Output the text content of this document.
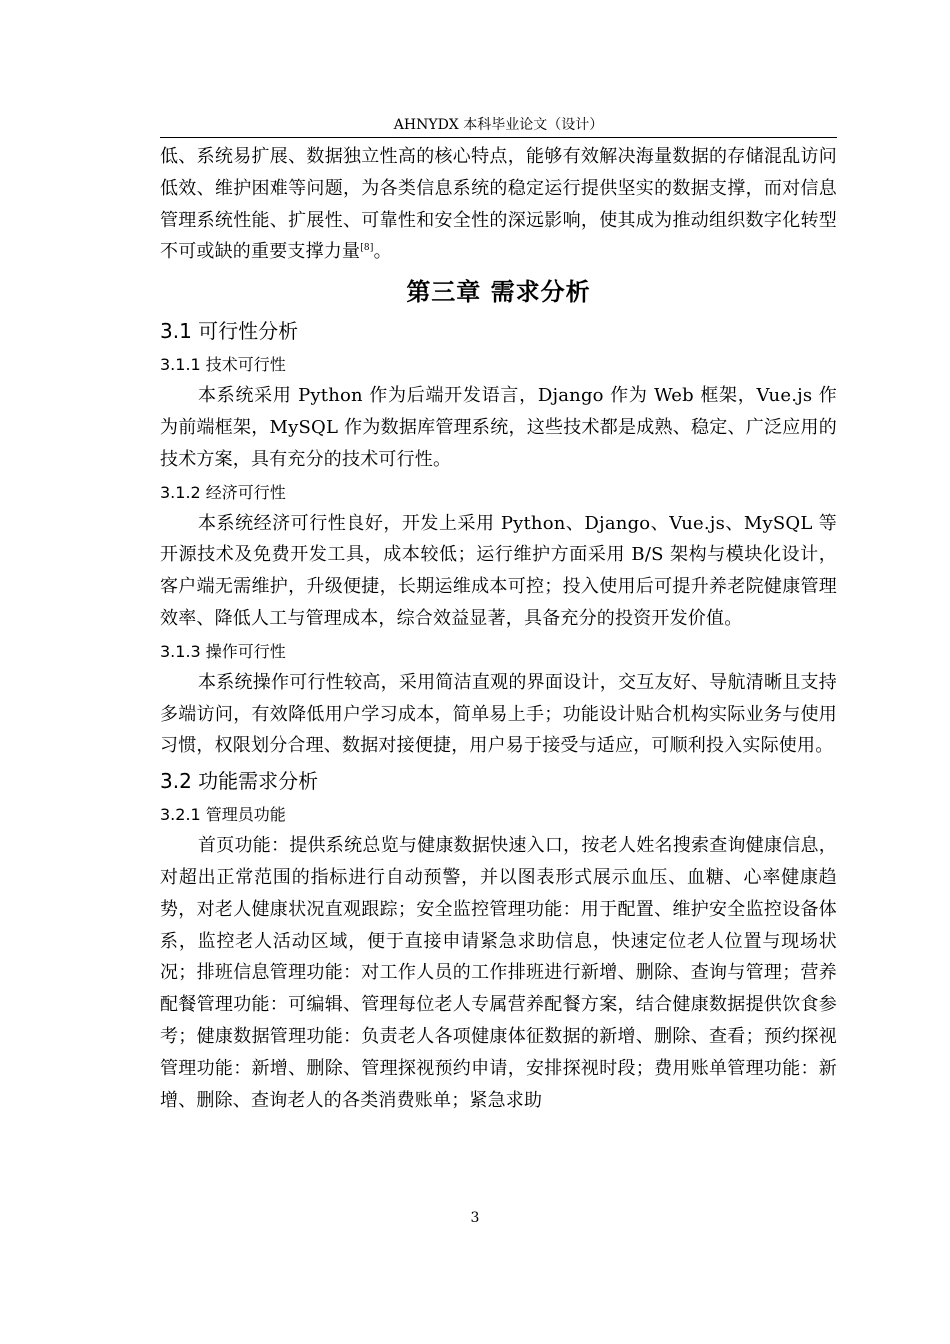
AHNYDX 本科毕业论文（设计）

低、系统易扩展、数据独立性高的核心特点，能够有效解决海量数据的存储混乱访问低效、维护困难等问题，为各类信息系统的稳定运行提供坚实的数据支撑，而对信息管理系统性能、扩展性、可靠性和安全性的深远影响，使其成为推动组织数字化转型不可或缺的重要支撑力量[8]。

第三章 需求分析
3.1 可行性分析
3.1.1 技术可行性

本系统采用 Python 作为后端开发语言，Django 作为 Web 框架，Vue.js 作为前端框架，MySQL 作为数据库管理系统，这些技术都是成熟、稳定、广泛应用的技术方案，具有充分的技术可行性。

3.1.2 经济可行性

本系统经济可行性良好，开发上采用 Python、Django、Vue.js、MySQL 等开源技术及免费开发工具，成本较低；运行维护方面采用 B/S 架构与模块化设计，客户端无需维护，升级便捷，长期运维成本可控；投入使用后可提升养老院健康管理效率、降低人工与管理成本，综合效益显著，具备充分的投资开发价值。

3.1.3 操作可行性

本系统操作可行性较高，采用简洁直观的界面设计，交互友好、导航清晰且支持多端访问，有效降低用户学习成本，简单易上手；功能设计贴合机构实际业务与使用习惯，权限划分合理、数据对接便捷，用户易于接受与适应，可顺利投入实际使用。

3.2 功能需求分析
3.2.1 管理员功能

首页功能：提供系统总览与健康数据快速入口，按老人姓名搜索查询健康信息，对超出正常范围的指标进行自动预警，并以图表形式展示血压、血糖、心率健康趋势，对老人健康状况直观跟踪；安全监控管理功能：用于配置、维护安全监控设备体系，监控老人活动区域，便于直接申请紧急求助信息，快速定位老人位置与现场状况；排班信息管理功能：对工作人员的工作排班进行新增、删除、查询与管理；营养配餐管理功能：可编辑、管理每位老人专属营养配餐方案，结合健康数据提供饮食参考；健康数据管理功能：负责老人各项健康体征数据的新增、删除、查看；预约探视管理功能：新增、删除、管理探视预约申请，安排探视时段；费用账单管理功能：新增、删除、查询老人的各类消费账单；紧急求助

3
